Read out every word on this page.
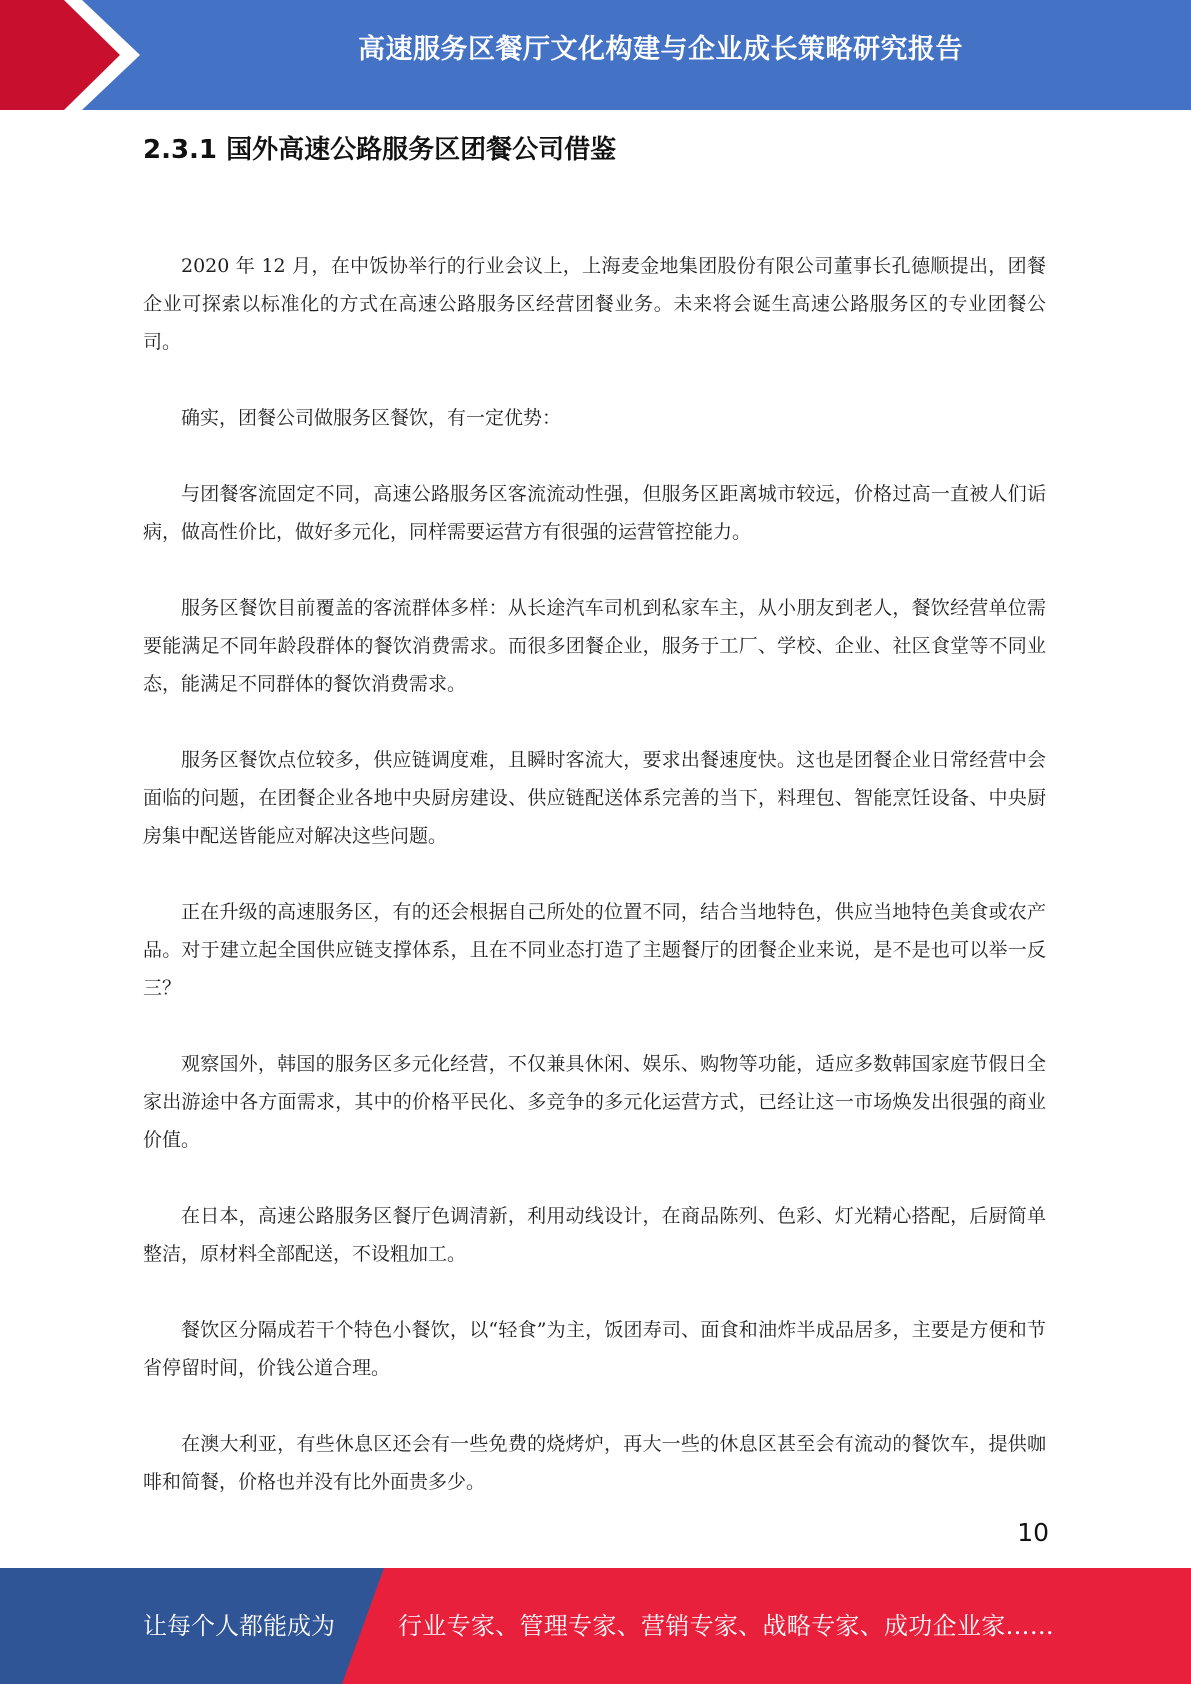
高速服务区餐厅文化构建与企业成长策略研究报告
2.3.1 国外高速公路服务区团餐公司借鉴

2020 年 12 月，在中饭协举行的行业会议上，上海麦金地集团股份有限公司董事长孔德顺提出，团餐企业可探索以标准化的方式在高速公路服务区经营团餐业务。未来将会诞生高速公路服务区的专业团餐公司。

确实，团餐公司做服务区餐饮，有一定优势：

与团餐客流固定不同，高速公路服务区客流流动性强，但服务区距离城市较远，价格过高一直被人们诟病，做高性价比，做好多元化，同样需要运营方有很强的运营管控能力。

服务区餐饮目前覆盖的客流群体多样：从长途汽车司机到私家车主，从小朋友到老人，餐饮经营单位需要能满足不同年龄段群体的餐饮消费需求。而很多团餐企业，服务于工厂、学校、企业、社区食堂等不同业态，能满足不同群体的餐饮消费需求。

服务区餐饮点位较多，供应链调度难，且瞬时客流大，要求出餐速度快。这也是团餐企业日常经营中会面临的问题，在团餐企业各地中央厨房建设、供应链配送体系完善的当下，料理包、智能烹饪设备、中央厨房集中配送皆能应对解决这些问题。

正在升级的高速服务区，有的还会根据自己所处的位置不同，结合当地特色，供应当地特色美食或农产品。对于建立起全国供应链支撑体系，且在不同业态打造了主题餐厅的团餐企业来说，是不是也可以举一反三？

观察国外，韩国的服务区多元化经营，不仅兼具休闲、娱乐、购物等功能，适应多数韩国家庭节假日全家出游途中各方面需求，其中的价格平民化、多竞争的多元化运营方式，已经让这一市场焕发出很强的商业价值。

在日本，高速公路服务区餐厅色调清新，利用动线设计，在商品陈列、色彩、灯光精心搭配，后厨简单整洁，原材料全部配送，不设粗加工。

餐饮区分隔成若干个特色小餐饮，以“轻食”为主，饭团寿司、面食和油炸半成品居多，主要是方便和节省停留时间，价钱公道合理。

在澳大利亚，有些休息区还会有一些免费的烧烤炉，再大一些的休息区甚至会有流动的餐饮车，提供咖啡和简餐，价格也并没有比外面贵多少。

10
让每个人都能成为	行业专家、管理专家、营销专家、战略专家、成功企业家……
